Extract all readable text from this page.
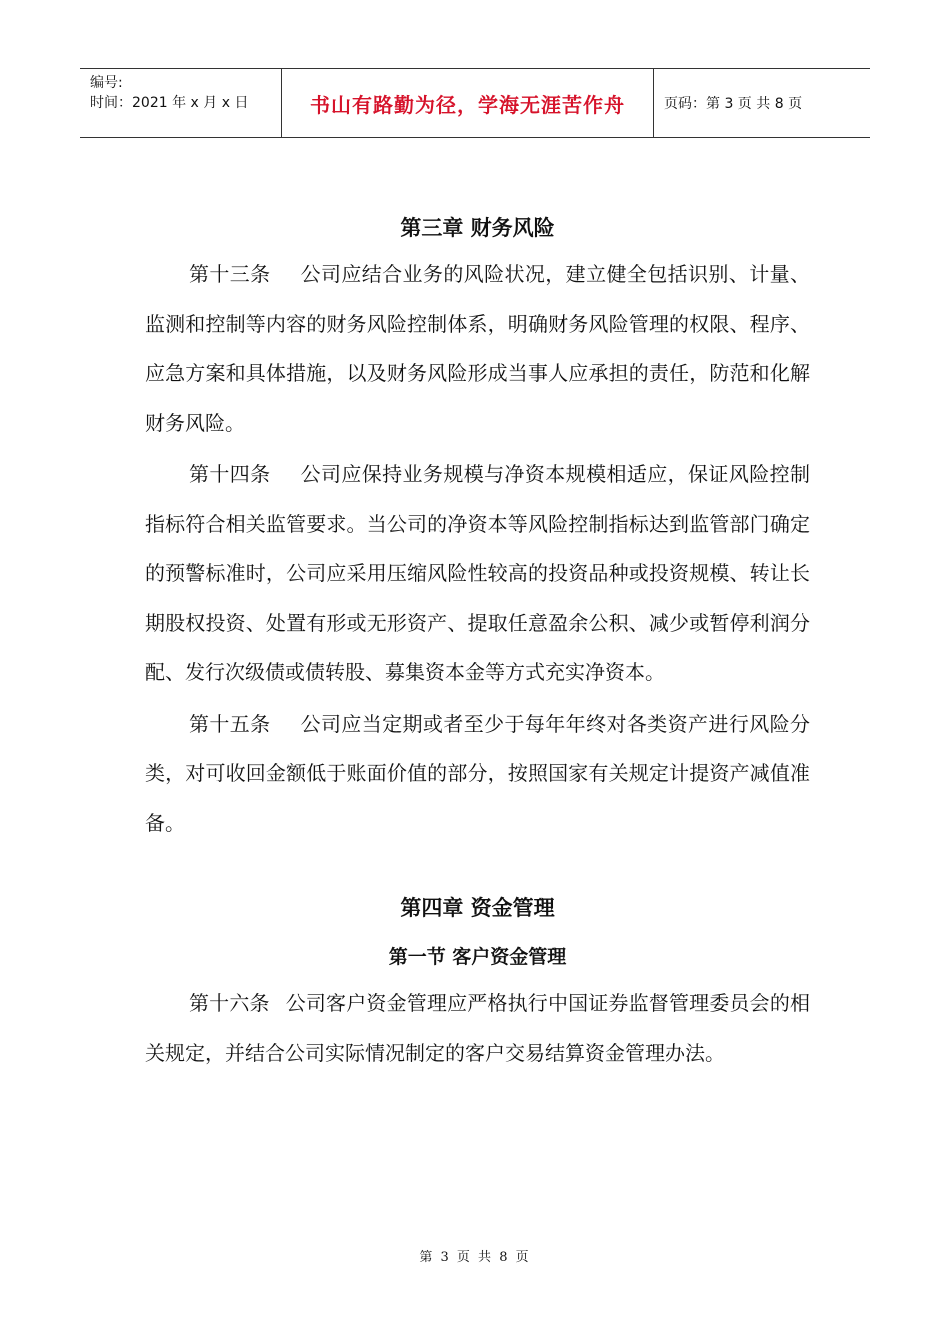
编号:
时间：2021 年 x 月 x 日	书山有路勤为径，学海无涯苦作舟	页码：第 3 页 共 8 页
第三章 财务风险

第十三条 公司应结合业务的风险状况，建立健全包括识别、计量、监测和控制等内容的财务风险控制体系，明确财务风险管理的权限、程序、应急方案和具体措施，以及财务风险形成当事人应承担的责任，防范和化解财务风险。

第十四条 公司应保持业务规模与净资本规模相适应，保证风险控制指标符合相关监管要求。当公司的净资本等风险控制指标达到监管部门确定的预警标准时，公司应采用压缩风险性较高的投资品种或投资规模、转让长期股权投资、处置有形或无形资产、提取任意盈余公积、减少或暂停利润分配、发行次级债或债转股、募集资本金等方式充实净资本。

第十五条 公司应当定期或者至少于每年年终对各类资产进行风险分类，对可收回金额低于账面价值的部分，按照国家有关规定计提资产减值准备。

第四章 资金管理
第一节 客户资金管理

第十六条 公司客户资金管理应严格执行中国证券监督管理委员会的相关规定，并结合公司实际情况制定的客户交易结算资金管理办法。

第 3 页 共 8 页
